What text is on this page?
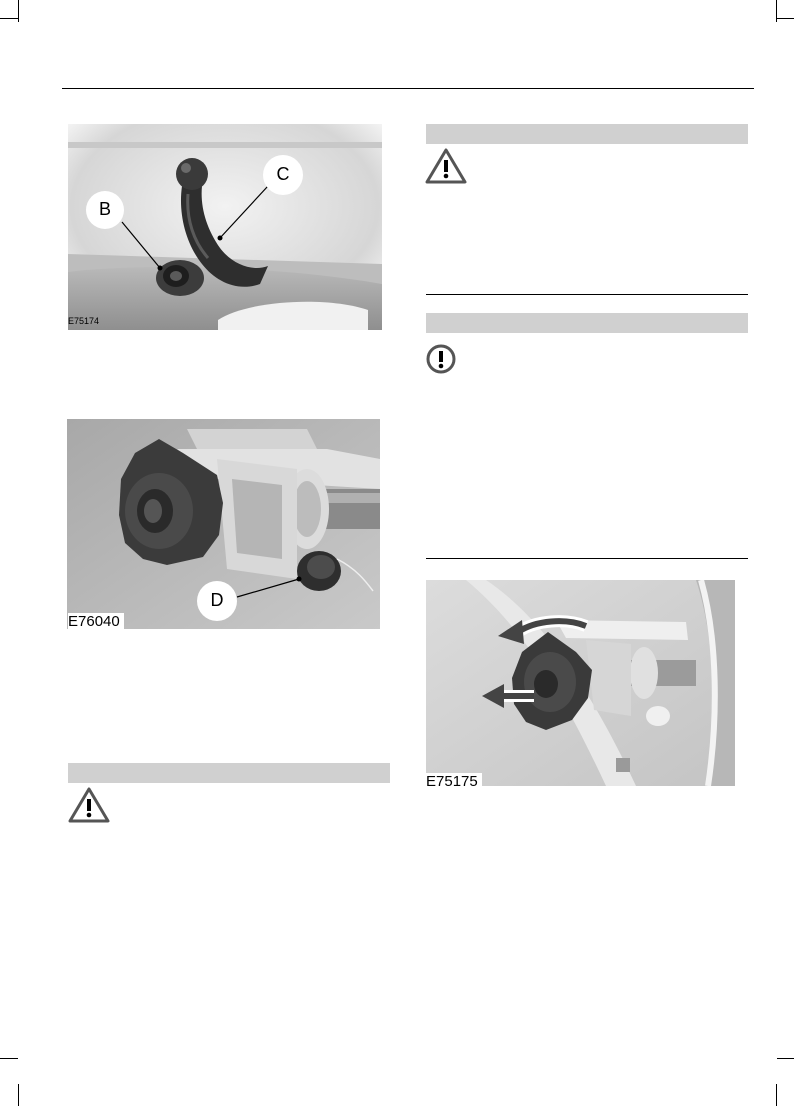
B
C
E75174
D
E76040
E75175
